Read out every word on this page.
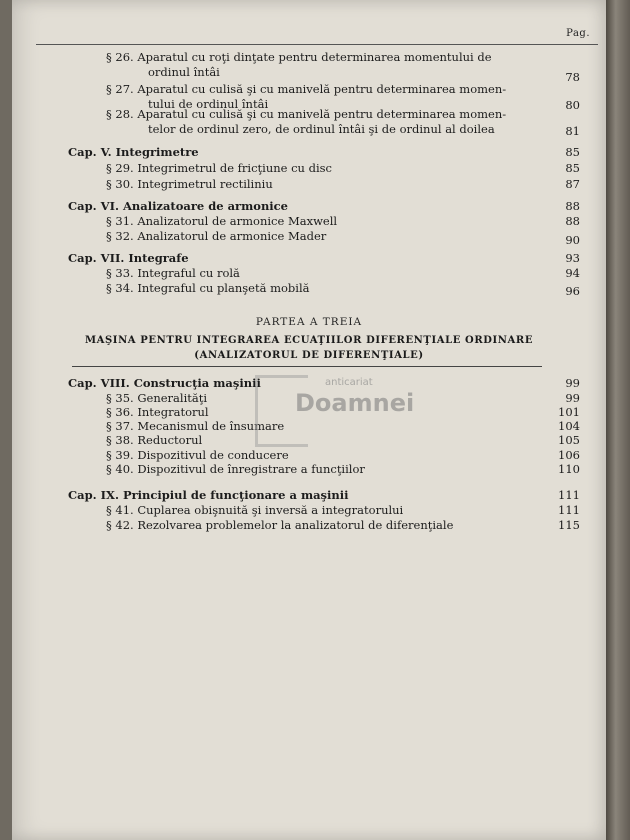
Pag.
§ 26. Aparatul cu roţi dinţate pentru determinarea momentului de
ordinul întâi	78
§ 27. Aparatul cu culisă şi cu manivelă pentru determinarea momen-
tului de ordinul întâi	80
§ 28. Aparatul cu culisă şi cu manivelă pentru determinarea momen-
telor de ordinul zero, de ordinul întâi şi de ordinul al doilea	81
Cap. V. Integrimetre	85
§ 29. Integrimetrul de fricţiune cu disc	85
§ 30. Integrimetrul rectiliniu	87
Cap. VI. Analizatoare de armonice	88
§ 31. Analizatorul de armonice Maxwell	88
§ 32. Analizatorul de armonice Mader	90
Cap. VII. Integrafe	93
§ 33. Integraful cu rolă	94
§ 34. Integraful cu planşetă mobilă	96
PARTEA A TREIA
MAŞINA PENTRU INTEGRAREA ECUAŢIILOR DIFERENŢIALE ORDINARE
(ANALIZATORUL DE DIFERENŢIALE)
Cap. VIII. Construcţia maşinii	99
§ 35. Generalităţi	99
§ 36. Integratorul	101
§ 37. Mecanismul de însumare	104
§ 38. Reductorul	105
§ 39. Dispozitivul de conducere	106
§ 40. Dispozitivul de înregistrare a funcţiilor	110
Cap. IX. Principiul de funcţionare a maşinii	111
§ 41. Cuplarea obişnuită şi inversă a integratorului	111
§ 42. Rezolvarea problemelor la analizatorul de diferenţiale	115
anticariat
Doamnei
